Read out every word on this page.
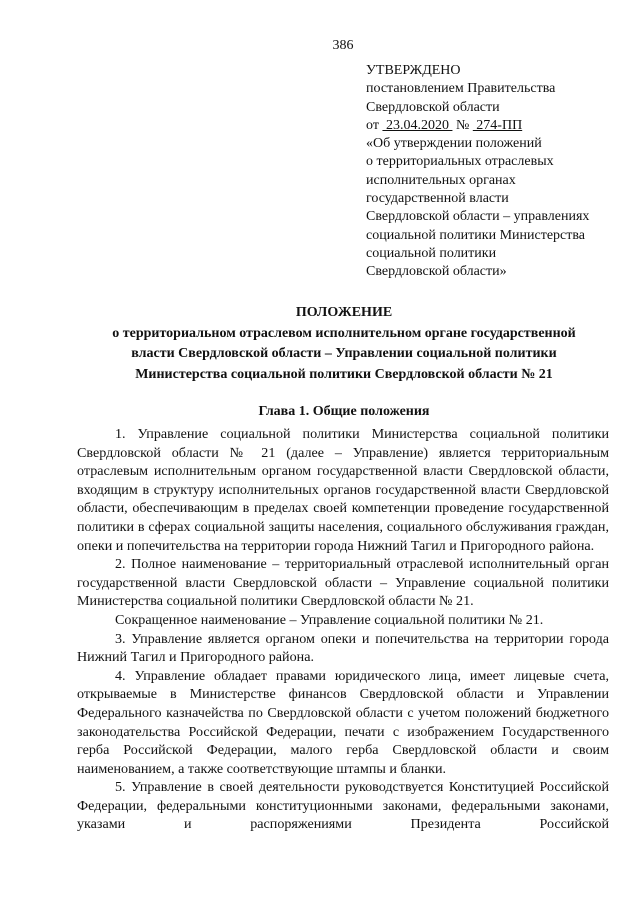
386
УТВЕРЖДЕНО
постановлением Правительства
Свердловской области
от  23.04.2020  №  274-ПП
«Об утверждении положений
о территориальных отраслевых
исполнительных органах
государственной власти
Свердловской области – управлениях
социальной политики Министерства
социальной политики
Свердловской области»
ПОЛОЖЕНИЕ
о территориальном отраслевом исполнительном органе государственной
власти Свердловской области – Управлении социальной политики
Министерства социальной политики Свердловской области № 21
Глава 1. Общие положения

1. Управление социальной политики Министерства социальной политики Свердловской области № 21 (далее – Управление) является территориальным отраслевым исполнительным органом государственной власти Свердловской области, входящим в структуру исполнительных органов государственной власти Свердловской области, обеспечивающим в пределах своей компетенции проведение государственной политики в сферах социальной защиты населения, социального обслуживания граждан, опеки и попечительства на территории города Нижний Тагил и Пригородного района.

2. Полное наименование – территориальный отраслевой исполнительный орган государственной власти Свердловской области – Управление социальной политики Министерства социальной политики Свердловской области № 21.

Сокращенное наименование – Управление социальной политики № 21.

3. Управление является органом опеки и попечительства на территории города Нижний Тагил и Пригородного района.

4. Управление обладает правами юридического лица, имеет лицевые счета, открываемые в Министерстве финансов Свердловской области и Управлении Федерального казначейства по Свердловской области с учетом положений бюджетного законодательства Российской Федерации, печати с изображением Государственного герба Российской Федерации, малого герба Свердловской области и своим наименованием, а также соответствующие штампы и бланки.

5. Управление в своей деятельности руководствуется Конституцией Российской Федерации, федеральными конституционными законами, федеральными законами, указами и распоряжениями Президента Российской
